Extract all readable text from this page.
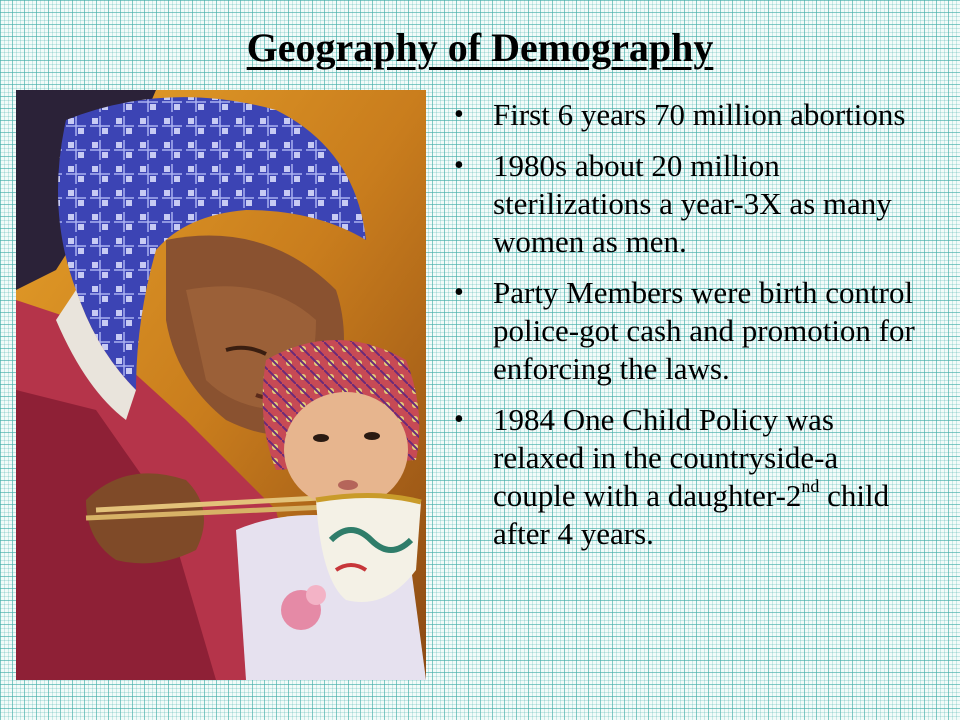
Geography of Demography
• First 6 years 70 million abortions
• 1980s about 20 million sterilizations a year-3X as many women as men.
• Party Members were birth control police-got cash and promotion for enforcing the laws.
• 1984 One Child Policy was relaxed in the countryside-a couple with a daughter-2nd child after 4 years.
